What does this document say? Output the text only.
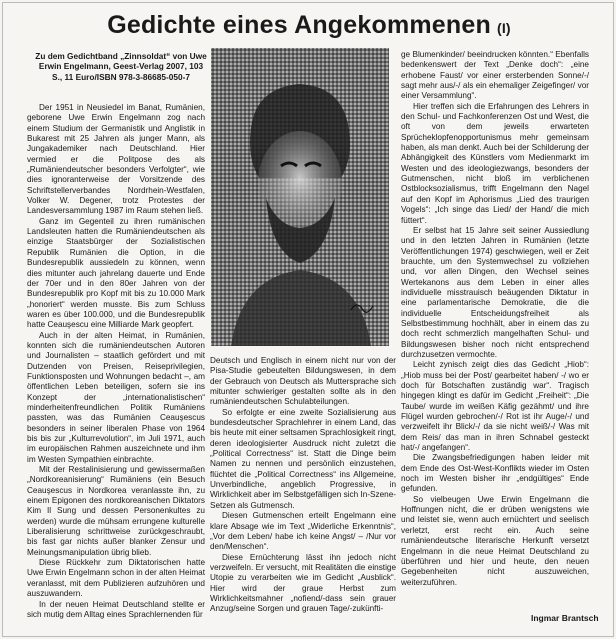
Gedichte eines Angekommenen (I)
Zu dem Gedichtband „Zinnsoldat“ von Uwe Erwin Engelmann, Geest-Verlag 2007, 103 S., 11 Euro/ISBN 978-3-86685-050-7

Der 1951 in Neusiedel im Banat, Rumänien, geborene Uwe Erwin Engelmann zog nach einem Studium der Germanistik und Anglistik in Bukarest mit 25 Jahren als junger Mann, als Jungakademiker nach Deutschland. Hier vermied er die Politpose des als „Rumäniendeutscher besonders Verfolgter“, wie dies ignoranterweise der Vorsitzende des Schriftstellerverbandes Nordrhein-Westfalen, Volker W. Degener, trotz Protestes der Landesversammlung 1987 im Raum stehen ließ.

Ganz im Gegenteil zu ihren rumänischen Landsleuten hatten die Rumäniendeutschen als einzige Staatsbürger der Sozialistischen Republik Rumänien die Option, in die Bundesrepublik aussiedeln zu können, wenn dies mitunter auch jahrelang dauerte und Ende der 70er und in den 80er Jahren von der Bundesrepublik pro Kopf mit bis zu 10.000 Mark „honoriert“ werden musste. Bis zum Schluss waren es über 100.000, und die Bundesrepublik hatte Ceauşescu eine Milliarde Mark geopfert.

Auch in der alten Heimat, in Rumänien, konnten sich die rumäniendeutschen Autoren und Journalisten – staatlich gefördert und mit Dutzenden von Preisen, Reiseprivilegien, Funktionsposten und Wohnungen bedacht –, am öffentlichen Leben beteiligen, sofern sie ins Konzept der „internationalistischen“ minderheitenfreundlichen Politik Rumäniens passten, was das Rumänien Ceauşescus besonders in seiner liberalen Phase von 1964 bis bis zur „Kulturrevolution“, im Juli 1971, auch im europäischen Rahmen auszeichnete und ihm im Westen Sympathien einbrachte.

Mit der Restalinisierung und gewissermaßen „Nordkoreanisierung“ Rumäniens (ein Besuch Ceauşescus in Nordkorea veranlasste ihn, zu einem Epigonen des nordkoreanischen Diktators Kim Il Sung und dessen Personenkultes zu werden) wurde die mühsam errungene kulturelle Liberalisierung schrittweise zurückgeschraubt, bis fast gar nichts außer blanker Zensur und Meinungsmanipulation übrig blieb.

Diese Rückkehr zum Diktatorischen hatte Uwe Erwin Engelmann schon in der alten Heimat veranlasst, mit dem Publizieren aufzuhören und auszuwandern.

In der neuen Heimat Deutschland stellte er sich mutig dem Alltag eines Sprachlernenden für

Deutsch und Englisch in einem nicht nur von der Pisa-Studie gebeutelten Bildungswesen, in dem der Gebrauch von Deutsch als Muttersprache sich mitunter schwieriger gestalten sollte als in den rumäniendeutschen Schulabteilungen.

So erfolgte er eine zweite Sozialisierung aus bundesdeutscher Sprachlehrer in einem Land, das bis heute mit einer seltsamen Sprachlosigkeit ringt, deren ideologisierter Ausdruck nicht zuletzt die „Political Correctness“ ist. Statt die Dinge beim Namen zu nennen und persönlich einzustehen, flüchtet die „Political Correctness“ ins Allgemeine, Unverbindliche, angeblich Progressive, in Wirklichkeit aber im Selbstgefälligen sich In-Szene-Setzen als Gutmensch.

Diesen Gutmenschen erteilt Engelmann eine klare Absage wie im Text „Widerliche Erkenntnis“, „Vor dem Leben/ habe ich keine Angst/ – /Nur vor den/Menschen“.

Diese Ernüchterung lässt ihn jedoch nicht verzweifeln. Er versucht, mit Realitäten die einstige Utopie zu verarbeiten wie im Gedicht „Ausblick“. Hier wird der graue Herbst zum Wirklichkeitsmahner „nofiend/-dass sein grauer Anzug/seine Sorgen und grauen Tage/-zukünfti-

ge Blumenkinder/ beeindrucken könnten.“ Ebenfalls bedenkenswert der Text „Denke doch“: „eine erhobene Faust/ vor einer ersterbenden Sonne/-/ sagt mehr aus/-/ als ein ehemaliger Zeigefinger/ vor einer Versammlung“.

Hier treffen sich die Erfahrungen des Lehrers in den Schul- und Fachkonferenzen Ost und West, die oft von dem jeweils erwarteten Sprücheklopfenopportunismus mehr gemeinsam haben, als man denkt. Auch bei der Schilderung der Abhängigkeit des Künstlers vom Medienmarkt im Westen und des ideologiezwangs, besonders der Gutmenschen, nicht bloß im verblichenen Ostblocksozialismus, trifft Engelmann den Nagel auf den Kopf im Aphorismus „Lied des traurigen Vogels“: „Ich singe das Lied/ der Hand/ die mich füttert“.

Er selbst hat 15 Jahre seit seiner Aussiedlung und in den letzten Jahren in Rumänien (letzte Veröffentlichungen 1974) geschwiegen, weil er Zeit brauchte, um den Systemwechsel zu vollziehen und, vor allen Dingen, den Wechsel seines Wertekanons aus dem Leben in einer alles individuelle misstrauisch beäugenden Diktatur in eine parlamentarische Demokratie, die die individuelle Entscheidungsfreiheit als Selbstbestimmung hochhält, aber in einem das zu doch recht schmerzlich mangelhaften Schul- und Bildungswesen bisher noch nicht entsprechend durchzusetzen vermochte.

Leicht zynisch zeigt dies das Gedicht „Hiob“: „Hiob muss bei der Post/ gearbeitet haben/ -/ wo er doch für Botschaften zuständig war“. Tragisch hingegen klingt es dafür im Gedicht „Freiheit“: „Die Taube/ wurde im weißen Käfig gezähmt/ und ihre Flügel wurden gebrochen/-/ Rot ist ihr Auge/-/ und verzweifelt ihr Blick/-/ da sie nicht weiß/-/ Was mit dem Reis/ das man in ihren Schnabel gesteckt hat/-/ angefangen“.

Die Zwangsbefriedigungen haben leider mit dem Ende des Ost-West-Konflikts wieder im Osten noch im Westen bisher ihr „endgültiges“ Ende gefunden.

So vielbeugen Uwe Erwin Engelmann die Hoffnungen nicht, die er drüben wenigstens wie und leistet sie, wenn auch ernüchtert und seelisch verletzt, erst recht ein. Auch seine rumäniendeutsche literarische Herkunft versetzt Engelmann in die neue Heimat Deutschland zu überführen und hier und heute, den neuen Gegebenheiten nicht auszuweichen, weiterzuführen.

Ingmar Brantsch
